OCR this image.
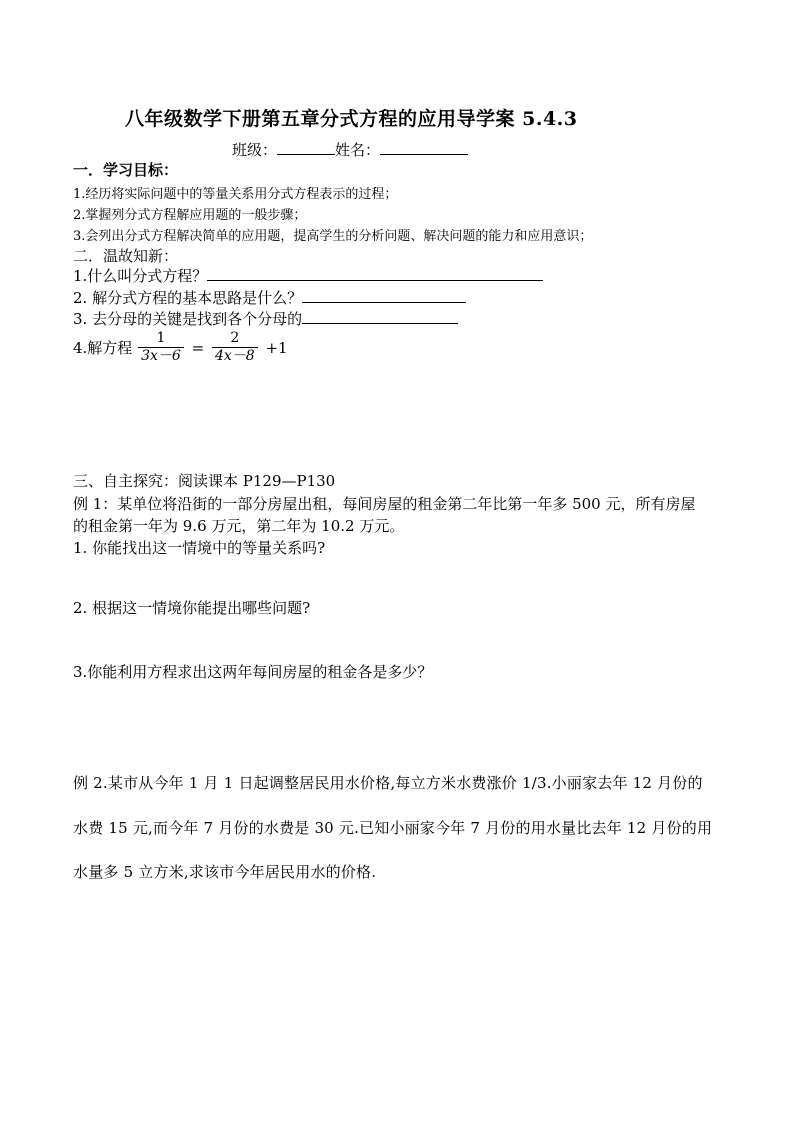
八年级数学下册第五章分式方程的应用导学案 5.4.3
班级：	姓名：
一．学习目标：
1.经历将实际问题中的等量关系用分式方程表示的过程；
2.掌握列分式方程解应用题的一般步骤；
3.会列出分式方程解决简单的应用题，提高学生的分析问题、解决问题的能力和应用意识；
二．温故知新：
1.什么叫分式方程？
2. 解分式方程的基本思路是什么？
3. 去分母的关键是找到各个分母的
4.解方程 $\frac{1}{3x-6} = \frac{2}{4x-8} +1$
三、自主探究：阅读课本 P129—P130
例 1：某单位将沿街的一部分房屋出租，每间房屋的租金第二年比第一年多 500 元，所有房屋
的租金第一年为 9.6 万元，第二年为 10.2 万元。
1. 你能找出这一情境中的等量关系吗?
2. 根据这一情境你能提出哪些问题?
3.你能利用方程求出这两年每间房屋的租金各是多少？
例 2.某市从今年 1 月 1 日起调整居民用水价格,每立方米水费涨价 1/3.小丽家去年 12 月份的
水费 15 元,而今年 7 月份的水费是 30 元.已知小丽家今年 7 月份的用水量比去年 12 月份的用
水量多 5 立方米,求该市今年居民用水的价格.
